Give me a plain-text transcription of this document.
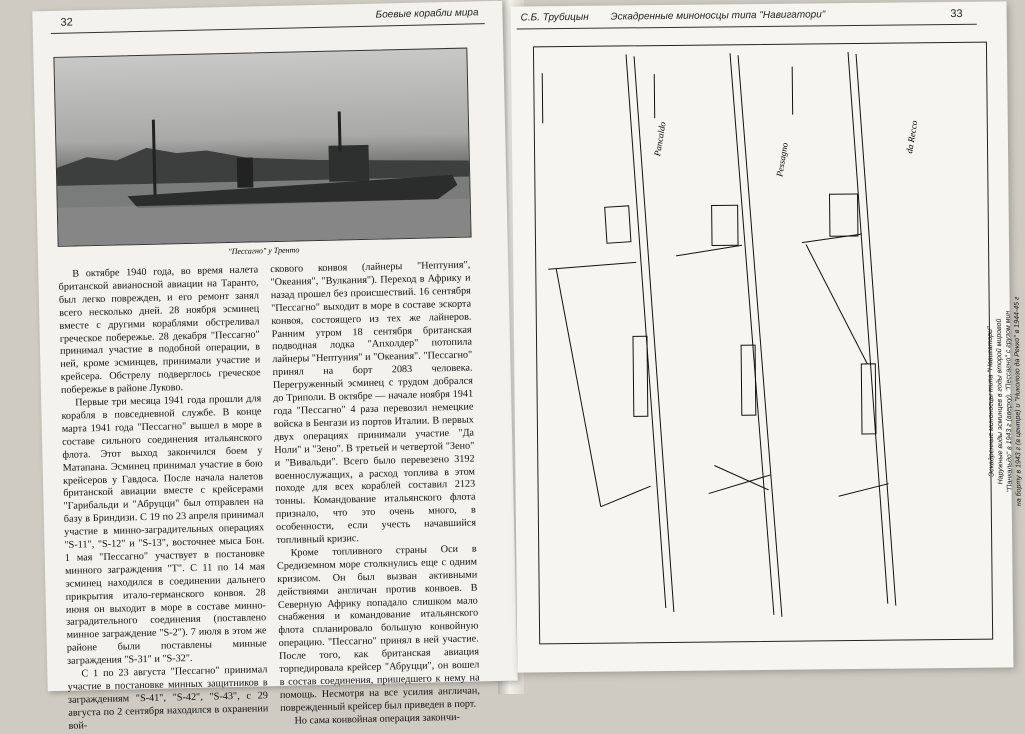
32
Боевые корабли мира
"Пессагно" у Тренто

В октябре 1940 года, во время налета британской авианосной авиации на Таранто, был легко поврежден, и его ремонт занял всего несколько дней. 28 ноября эсминец вместе с другими кораблями обстреливал греческое побережье. 28 декабря "Пессагно" принимал участие в подобной операции, в ней, кроме эсминцев, принимали участие и крейсера. Обстрелу подверглось греческое побережье в районе Луково.

Первые три месяца 1941 года прошли для корабля в повседневной службе. В конце марта 1941 года "Пессагно" вышел в море в составе сильного соединения итальянского флота. Этот выход закончился боем у Матапана. Эсминец принимал участие в бою крейсеров у Гавдоса. После начала налетов британской авиации вместе с крейсерами "Гарибальди и "Абруцци" был отправлен на базу в Бриндизи. С 19 по 23 апреля принимал участие в минно-заградительных операциях "S-11", "S-12" и "S-13", восточнее мыса Бон. 1 мая "Пессагно" участвует в постановке минного заграждения "Т". С 11 по 14 мая эсминец находился в соединении дальнего прикрытия итало-германского конвоя. 28 июня он выходит в море в составе минно-заградительного соединения (поставлено минное заграждение "S-2"). 7 июля в этом же районе были поставлены минные заграждения "S-31" и "S-32".

С 1 по 23 августа "Пессагно" принимал участие в постановке минных защитников в заграждениям "S-41", "S-42", "S-43", с 29 августа по 2 сентября находился в охранении вой-

скового конвоя (лайнеры "Нептуния", "Океания", "Вулкания"). Переход в Африку и назад прошел без происшествий. 16 сентября "Пессагно" выходит в море в составе эскорта конвоя, состоящего из тех же лайнеров. Ранним утром 18 сентября британская подводная лодка "Апхолдер" потопила лайнеры "Нептуния" и "Океания". "Пессагно" принял на борт 2083 человека. Перегруженный эсминец с трудом добрался до Триполи. В октябре — начале ноября 1941 года "Пессагно" 4 раза перевозил немецкие войска в Бенгази из портов Италии. В первых двух операциях принимали участие "Да Ноли" и "Зено". В третьей и четвертой "Зено" и "Вивальди". Всего было перевезено 3192 военнослужащих, а расход топлива в этом походе для всех кораблей составил 2123 тонны. Командование итальянского флота признало, что это очень много, в особенности, если учесть начавшийся топливный кризис.

Кроме топливного страны Оси в Средиземном море столкнулись еще с одним кризисом. Он был вызван активными действиями англичан против конвоев. В Северную Африку попадало слишком мало снабжения и командование итальянского флота спланировало большую конвойную операцию. "Пессагно" принял в ней участие. После того, как британская авиация торпедировала крейсер "Абруцци", он вошел в состав соединения, пришедшего к нему на помощь. Несмотря на все усилия англичан, поврежденный крейсер был приведен в порт.

Но сама конвойная операция закончи-

С.Б. Трубицын Эскадренные миноносцы типа "Навигатори"	33
Pancaldo
Pessagno
da Recco
Эскадренные миноносцы типа "Навигатори" Наружные виды эсминцев в годы второй мировой "Панкальдо" в 1943 г (вверху), "Пессагно" с грузом мин на борту в 1943 г (в центре) и "Николозо да Рекко" в 1944-45 г
